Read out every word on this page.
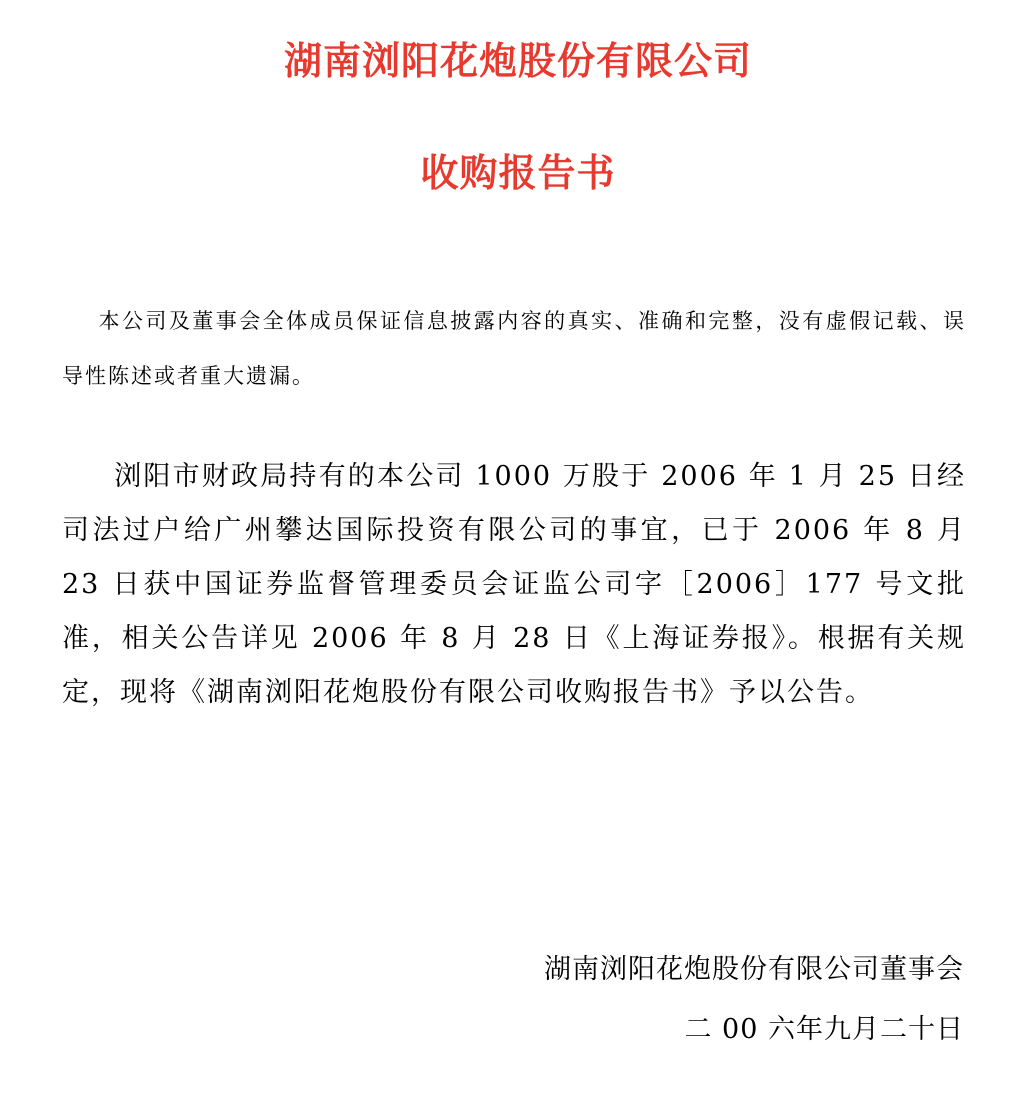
湖南浏阳花炮股份有限公司
收购报告书
本公司及董事会全体成员保证信息披露内容的真实、准确和完整，没有虚假记载、误导性陈述或者重大遗漏。
浏阳市财政局持有的本公司 1000 万股于 2006 年 1 月 25 日经司法过户给广州攀达国际投资有限公司的事宜，已于 2006 年 8 月 23 日获中国证券监督管理委员会证监公司字［2006］177 号文批准，相关公告详见 2006 年 8 月 28 日《上海证券报》。根据有关规定，现将《湖南浏阳花炮股份有限公司收购报告书》予以公告。
湖南浏阳花炮股份有限公司董事会
二 00 六年九月二十日
